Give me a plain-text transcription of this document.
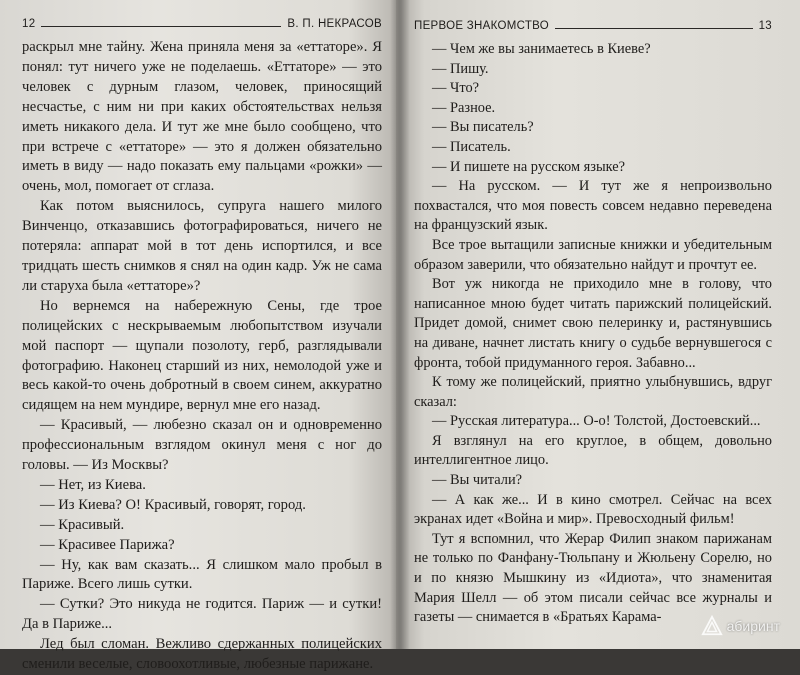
12	В. П. НЕКРАСОВ

раскрыл мне тайну. Жена приняла меня за «еттаторе». Я понял: тут ничего уже не поделаешь. «Еттаторе» — это человек с дурным глазом, человек, приносящий несчастье, с ним ни при каких обстоятельствах нельзя иметь никакого дела. И тут же мне было сообщено, что при встрече с «еттаторе» — это я должен обязательно иметь в виду — надо показать ему пальцами «рожки» — очень, мол, помогает от сглаза.

Как потом выяснилось, супруга нашего милого Винченцо, отказавшись фотографироваться, ничего не потеряла: аппарат мой в тот день испортился, и все тридцать шесть снимков я снял на один кадр. Уж не сама ли старуха была «еттаторе»?

Но вернемся на набережную Сены, где трое полицейских с нескрываемым любопытством изучали мой паспорт — щупали позолоту, герб, разглядывали фотографию. Наконец старший из них, немолодой уже и весь какой-то очень добротный в своем синем, аккуратно сидящем на нем мундире, вернул мне его назад.

— Красивый, — любезно сказал он и одновременно профессиональным взглядом окинул меня с ног до головы. — Из Москвы?

— Нет, из Киева.

— Из Киева? О! Красивый, говорят, город.

— Красивый.

— Красивее Парижа?

— Ну, как вам сказать... Я слишком мало пробыл в Париже. Всего лишь сутки.

— Сутки? Это никуда не годится. Париж — и сутки! Да в Париже...

Лед был сломан. Вежливо сдержанных полицейских сменили веселые, словоохотливые, любезные парижане.

ПЕРВОЕ ЗНАКОМСТВО	13

— Чем же вы занимаетесь в Киеве?

— Пишу.

— Что?

— Разное.

— Вы писатель?

— Писатель.

— И пишете на русском языке?

— На русском. — И тут же я непроизвольно похвастался, что моя повесть совсем недавно переведена на французский язык.

Все трое вытащили записные книжки и убедительным образом заверили, что обязательно найдут и прочтут ее.

Вот уж никогда не приходило мне в голову, что написанное мною будет читать парижский полицейский. Придет домой, снимет свою пелеринку и, растянувшись на диване, начнет листать книгу о судьбе вернувшегося с фронта, тобой придуманного героя. Забавно...

К тому же полицейский, приятно улыбнувшись, вдруг сказал:

— Русская литература... О-о! Толстой, Достоевский...

Я взглянул на его круглое, в общем, довольно интеллигентное лицо.

— Вы читали?

— А как же... И в кино смотрел. Сейчас на всех экранах идет «Война и мир». Превосходный фильм!

Тут я вспомнил, что Жерар Филип знаком парижанам не только по Фанфану-Тюльпану и Жюльену Сорелю, но и по князю Мышкину из «Идиота», что знаменитая Мария Шелл — об этом писали сейчас все журналы и газеты — снимается в «Братьях Карама-

абиринт
